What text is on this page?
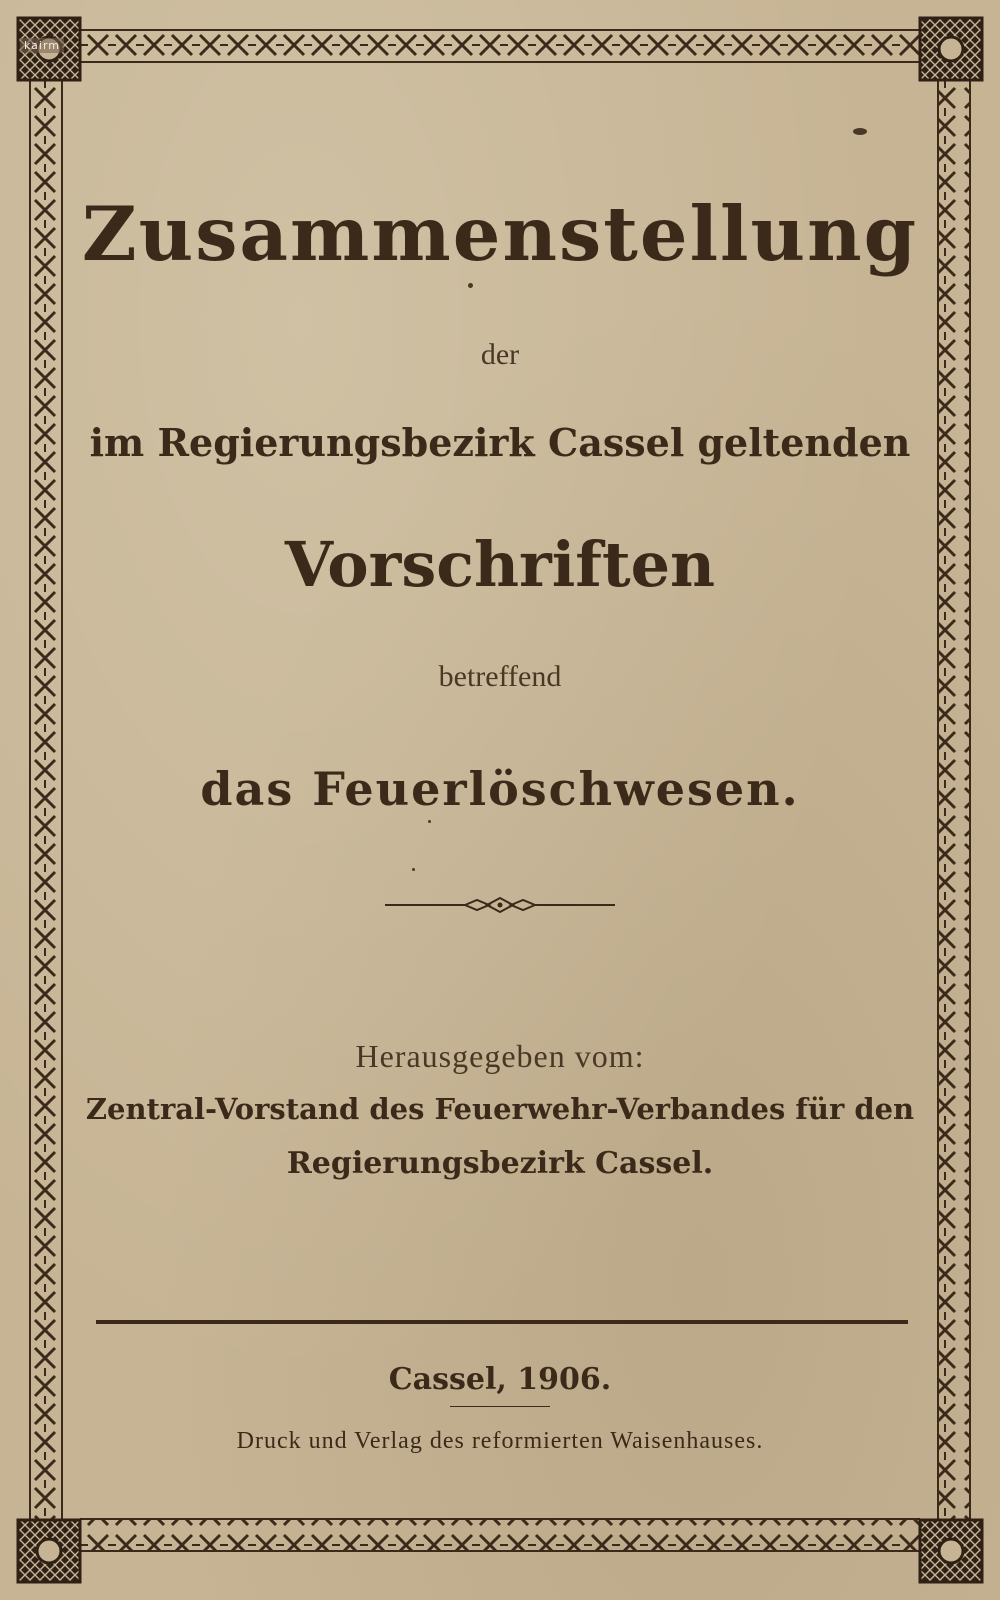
kairm
Zusammenstellung
der
im Regierungsbezirk Cassel geltenden
Vorschriften
betreffend
das Feuerlöschwesen.
Herausgegeben vom:
Zentral-Vorstand des Feuerwehr-Verbandes für den
Regierungsbezirk Cassel.
Cassel, 1906.
Druck und Verlag des reformierten Waisenhauses.
